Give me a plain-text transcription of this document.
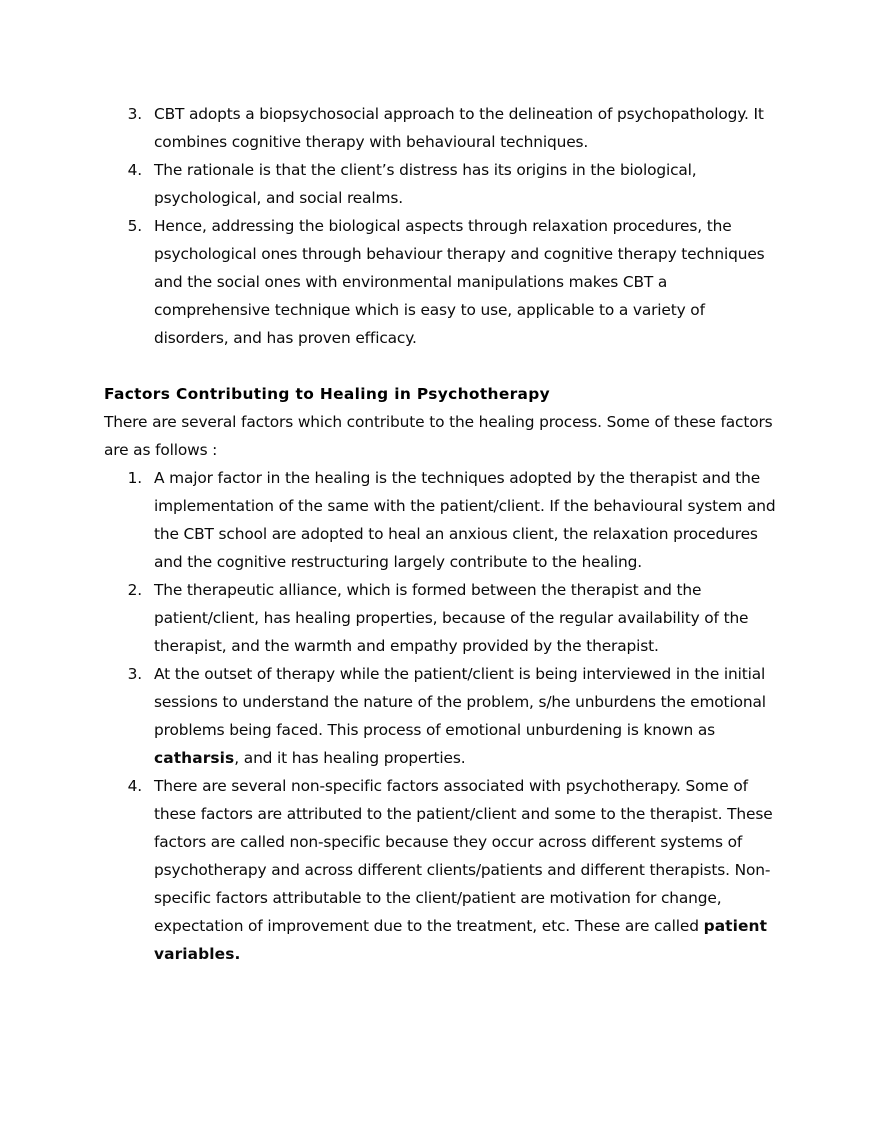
3. CBT adopts a biopsychosocial approach to the delineation of psychopathology. It combines cognitive therapy with behavioural techniques.
4. The rationale is that the client’s distress has its origins in the biological, psychological, and social realms.
5. Hence, addressing the biological aspects through relaxation procedures, the psychological ones through behaviour therapy and cognitive therapy techniques and the social ones with environmental manipulations makes CBT a comprehensive technique which is easy to use, applicable to a variety of disorders, and has proven efficacy.
Factors Contributing to Healing in Psychotherapy

There are several factors which contribute to the healing process. Some of these factors are as follows :

1. A major factor in the healing is the techniques adopted by the therapist and the implementation of the same with the patient/client. If the behavioural system and the CBT school are adopted to heal an anxious client, the relaxation procedures and the cognitive restructuring largely contribute to the healing.
2. The therapeutic alliance, which is formed between the therapist and the patient/client, has healing properties, because of the regular availability of the therapist, and the warmth and empathy provided by the therapist.
3. At the outset of therapy while the patient/client is being interviewed in the initial sessions to understand the nature of the problem, s/he unburdens the emotional problems being faced. This process of emotional unburdening is known as catharsis, and it has healing properties.
4. There are several non-specific factors associated with psychotherapy. Some of these factors are attributed to the patient/client and some to the therapist. These factors are called non-specific because they occur across different systems of psychotherapy and across different clients/patients and different therapists. Non-specific factors attributable to the client/patient are motivation for change, expectation of improvement due to the treatment, etc. These are called patient variables.
